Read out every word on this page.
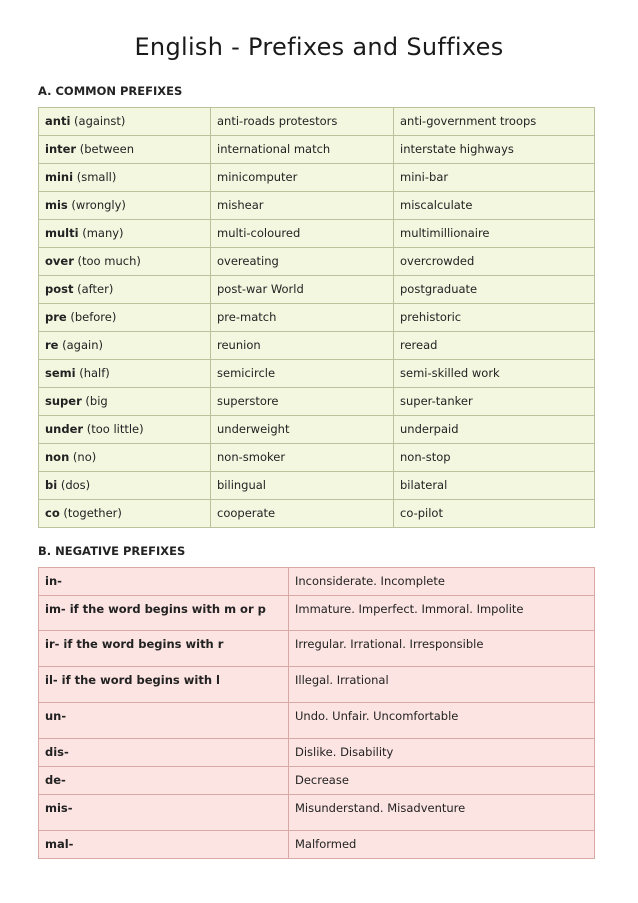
English - Prefixes and Suffixes
A. COMMON PREFIXES
anti (against)	anti-roads protestors	anti-government troops
inter (between	international match	interstate highways
mini (small)	minicomputer	mini-bar
mis (wrongly)	mishear	miscalculate
multi (many)	multi-coloured	multimillionaire
over (too much)	overeating	overcrowded
post (after)	post-war World	postgraduate
pre (before)	pre-match	prehistoric
re (again)	reunion	reread
semi (half)	semicircle	semi-skilled work
super (big	superstore	super-tanker
under (too little)	underweight	underpaid
non (no)	non-smoker	non-stop
bi (dos)	bilingual	bilateral
co (together)	cooperate	co-pilot
B. NEGATIVE PREFIXES
in-	Inconsiderate. Incomplete
im- if the word begins with m or p	Immature. Imperfect. Immoral. Impolite
ir- if the word begins with r	Irregular. Irrational. Irresponsible
il- if the word begins with l	Illegal. Irrational
un-	Undo. Unfair. Uncomfortable
dis-	Dislike. Disability
de-	Decrease
mis-	Misunderstand. Misadventure
mal-	Malformed
